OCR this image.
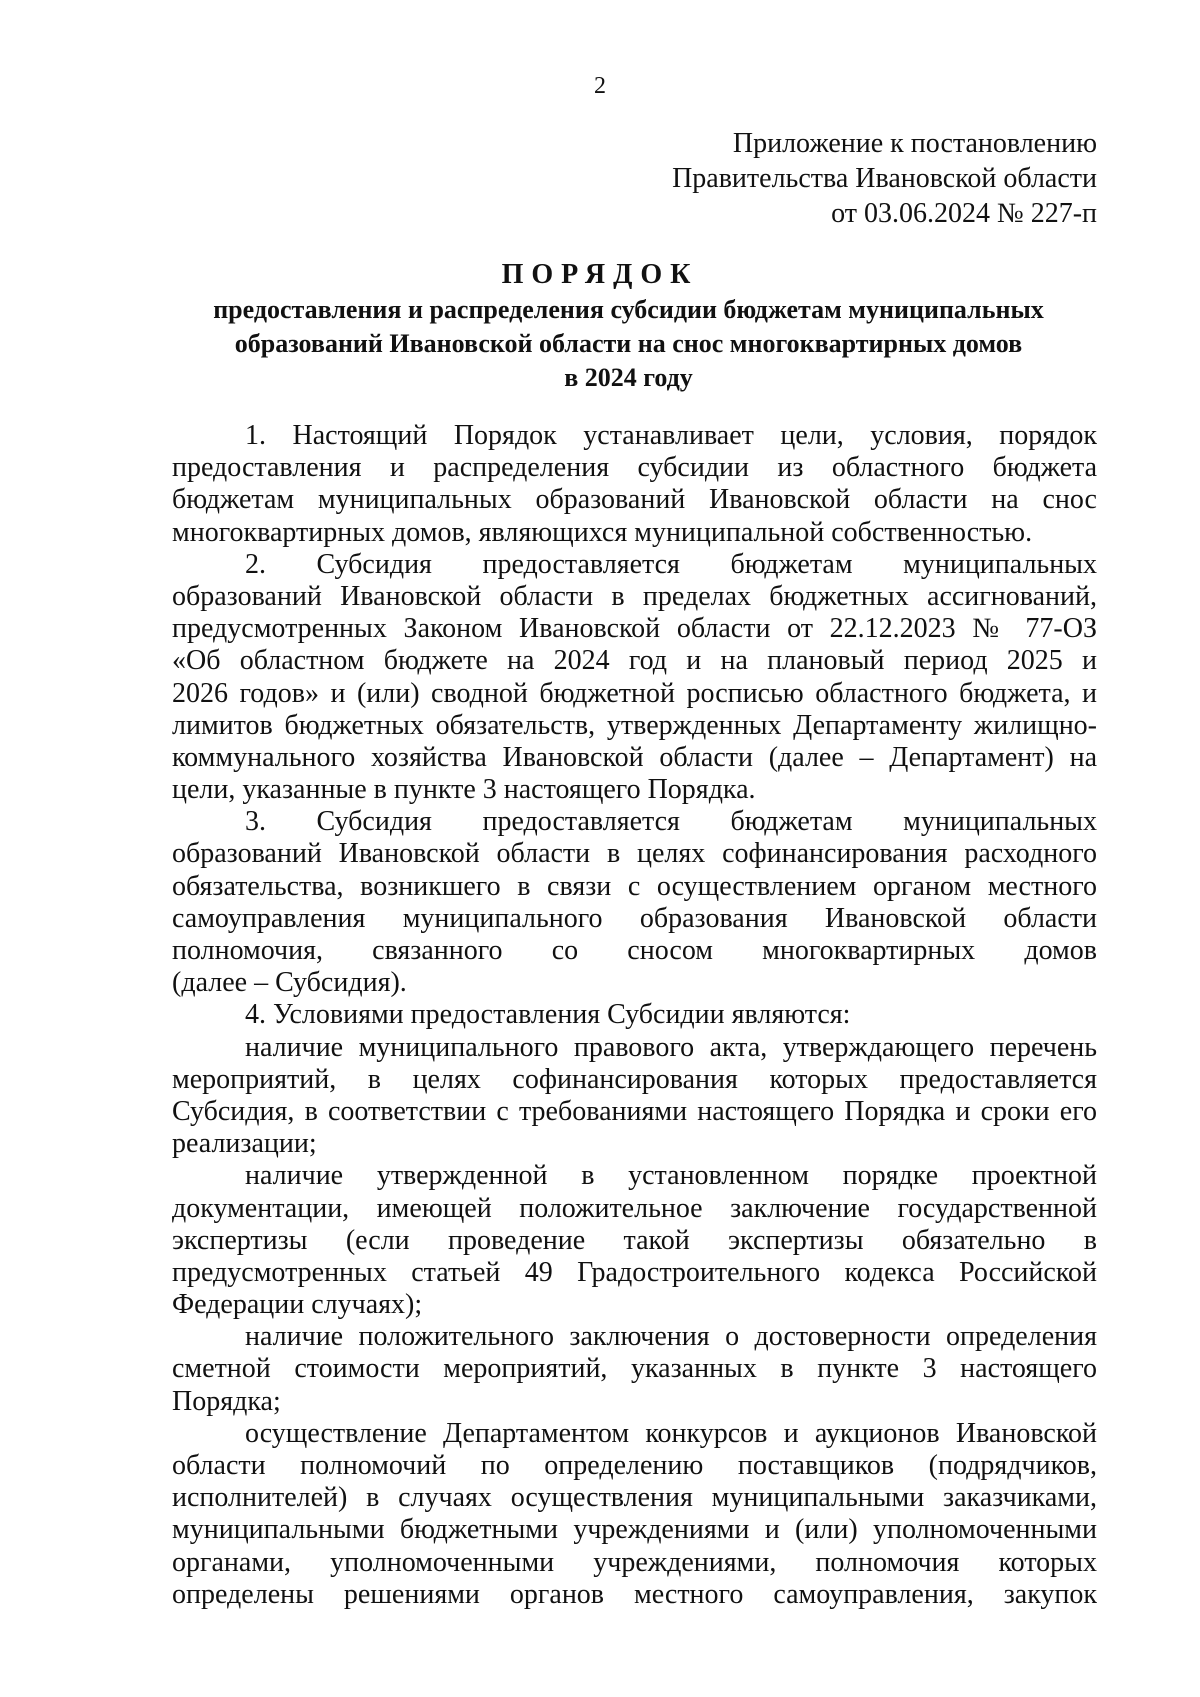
2
Приложение к постановлению
Правительства Ивановской области
от 03.06.2024 № 227-п
ПОРЯДОК
предоставления и распределения субсидии бюджетам муниципальных
образований Ивановской области на снос многоквартирных домов
в 2024 году
1. Настоящий Порядок устанавливает цели, условия, порядок
предоставления и распределения субсидии из областного бюджета
бюджетам муниципальных образований Ивановской области на снос
многоквартирных домов, являющихся муниципальной собственностью.
2. Субсидия предоставляется бюджетам муниципальных
образований Ивановской области в пределах бюджетных ассигнований,
предусмотренных Законом Ивановской области от 22.12.2023 № 77-ОЗ
«Об областном бюджете на 2024 год и на плановый период 2025 и
2026 годов» и (или) сводной бюджетной росписью областного бюджета, и
лимитов бюджетных обязательств, утвержденных Департаменту жилищно-
коммунального хозяйства Ивановской области (далее – Департамент) на
цели, указанные в пункте 3 настоящего Порядка.
3. Субсидия предоставляется бюджетам муниципальных
образований Ивановской области в целях софинансирования расходного
обязательства, возникшего в связи с осуществлением органом местного
самоуправления муниципального образования Ивановской области
полномочия, связанного со сносом многоквартирных домов
(далее – Субсидия).
4. Условиями предоставления Субсидии являются:
наличие муниципального правового акта, утверждающего перечень
мероприятий, в целях софинансирования которых предоставляется
Субсидия, в соответствии с требованиями настоящего Порядка и сроки его
реализации;
наличие утвержденной в установленном порядке проектной
документации, имеющей положительное заключение государственной
экспертизы (если проведение такой экспертизы обязательно в
предусмотренных статьей 49 Градостроительного кодекса Российской
Федерации случаях);
наличие положительного заключения о достоверности определения
сметной стоимости мероприятий, указанных в пункте 3 настоящего
Порядка;
осуществление Департаментом конкурсов и аукционов Ивановской
области полномочий по определению поставщиков (подрядчиков,
исполнителей) в случаях осуществления муниципальными заказчиками,
муниципальными бюджетными учреждениями и (или) уполномоченными
органами, уполномоченными учреждениями, полномочия которых
определены решениями органов местного самоуправления, закупок
